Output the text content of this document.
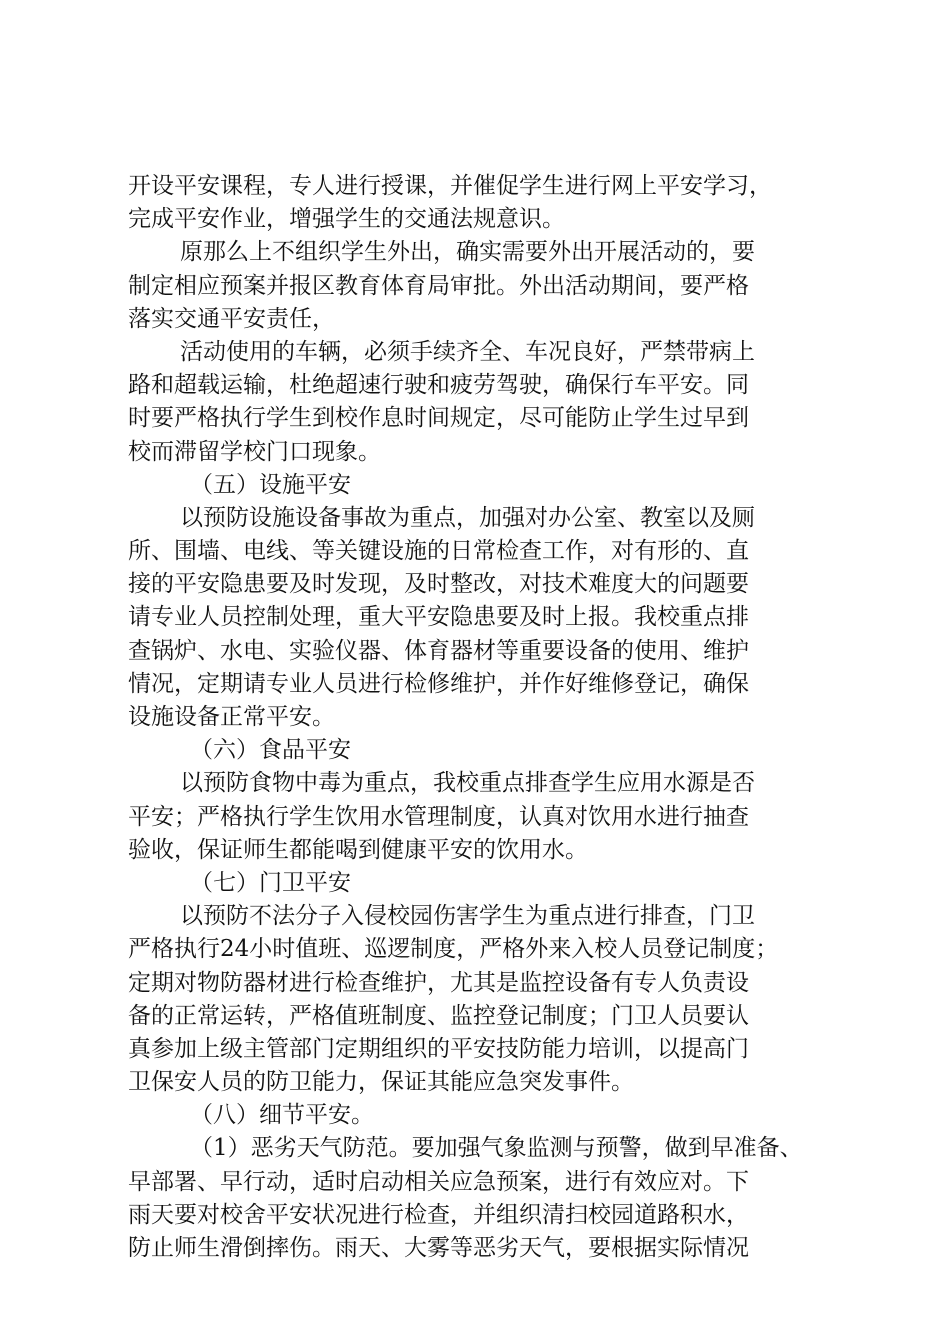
开设平安课程，专人进行授课，并催促学生进行网上平安学习，
完成平安作业，增强学生的交通法规意识。
原那么上不组织学生外出，确实需要外出开展活动的，要
制定相应预案并报区教育体育局审批。外出活动期间，要严格
落实交通平安责任，
活动使用的车辆，必须手续齐全、车况良好，严禁带病上
路和超载运输，杜绝超速行驶和疲劳驾驶，确保行车平安。同
时要严格执行学生到校作息时间规定，尽可能防止学生过早到
校而滞留学校门口现象。
（五）设施平安
以预防设施设备事故为重点，加强对办公室、教室以及厕
所、围墙、电线、等关键设施的日常检查工作，对有形的、直
接的平安隐患要及时发现，及时整改，对技术难度大的问题要
请专业人员控制处理，重大平安隐患要及时上报。我校重点排
查锅炉、水电、实验仪器、体育器材等重要设备的使用、维护
情况，定期请专业人员进行检修维护，并作好维修登记，确保
设施设备正常平安。
（六）食品平安
以预防食物中毒为重点，我校重点排查学生应用水源是否
平安；严格执行学生饮用水管理制度，认真对饮用水进行抽查
验收，保证师生都能喝到健康平安的饮用水。
（七）门卫平安
以预防不法分子入侵校园伤害学生为重点进行排查，门卫
严格执行24小时值班、巡逻制度，严格外来入校人员登记制度；
定期对物防器材进行检查维护，尤其是监控设备有专人负责设
备的正常运转，严格值班制度、监控登记制度；门卫人员要认
真参加上级主管部门定期组织的平安技防能力培训，以提高门
卫保安人员的防卫能力，保证其能应急突发事件。
（八）细节平安。
（1）恶劣天气防范。要加强气象监测与预警，做到早准备、
早部署、早行动，适时启动相关应急预案，进行有效应对。下
雨天要对校舍平安状况进行检查，并组织清扫校园道路积水，
防止师生滑倒摔伤。雨天、大雾等恶劣天气，要根据实际情况
